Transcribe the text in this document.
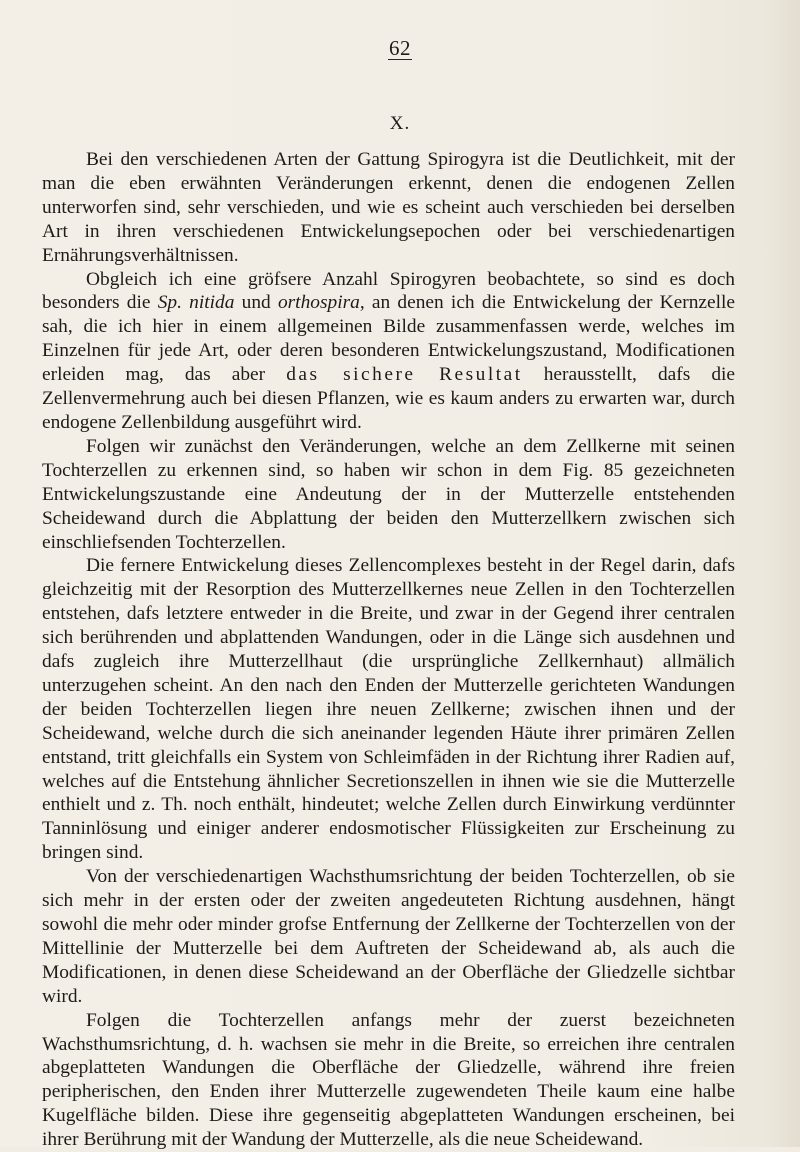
62
X.

Bei den verschiedenen Arten der Gattung Spirogyra ist die Deutlichkeit, mit der man die eben erwähnten Veränderungen erkennt, denen die endogenen Zellen unterworfen sind, sehr verschieden, und wie es scheint auch verschieden bei derselben Art in ihren verschiedenen Entwickelungsepochen oder bei verschiedenartigen Ernährungsverhältnissen.

Obgleich ich eine gröfsere Anzahl Spirogyren beobachtete, so sind es doch besonders die Sp. nitida und orthospira, an denen ich die Entwickelung der Kernzelle sah, die ich hier in einem allgemeinen Bilde zusammenfassen werde, welches im Einzelnen für jede Art, oder deren besonderen Entwickelungszustand, Modificationen erleiden mag, das aber das sichere Resultat herausstellt, dafs die Zellenvermehrung auch bei diesen Pflanzen, wie es kaum anders zu erwarten war, durch endogene Zellenbildung ausgeführt wird.

Folgen wir zunächst den Veränderungen, welche an dem Zellkerne mit seinen Tochterzellen zu erkennen sind, so haben wir schon in dem Fig. 85 gezeichneten Entwickelungszustande eine Andeutung der in der Mutterzelle entstehenden Scheidewand durch die Abplattung der beiden den Mutterzellkern zwischen sich einschliefsenden Tochterzellen.

Die fernere Entwickelung dieses Zellencomplexes besteht in der Regel darin, dafs gleichzeitig mit der Resorption des Mutterzellkernes neue Zellen in den Tochterzellen entstehen, dafs letztere entweder in die Breite, und zwar in der Gegend ihrer centralen sich berührenden und abplattenden Wandungen, oder in die Länge sich ausdehnen und dafs zugleich ihre Mutterzellhaut (die ursprüngliche Zellkernhaut) allmälich unterzugehen scheint. An den nach den Enden der Mutterzelle gerichteten Wandungen der beiden Tochterzellen liegen ihre neuen Zellkerne; zwischen ihnen und der Scheidewand, welche durch die sich aneinander legenden Häute ihrer primären Zellen entstand, tritt gleichfalls ein System von Schleimfäden in der Richtung ihrer Radien auf, welches auf die Entstehung ähnlicher Secretionszellen in ihnen wie sie die Mutterzelle enthielt und z. Th. noch enthält, hindeutet; welche Zellen durch Einwirkung verdünnter Tanninlösung und einiger anderer endosmotischer Flüssigkeiten zur Erscheinung zu bringen sind.

Von der verschiedenartigen Wachsthumsrichtung der beiden Tochterzellen, ob sie sich mehr in der ersten oder der zweiten angedeuteten Richtung ausdehnen, hängt sowohl die mehr oder minder grofse Entfernung der Zellkerne der Tochterzellen von der Mittellinie der Mutterzelle bei dem Auftreten der Scheidewand ab, als auch die Modificationen, in denen diese Scheidewand an der Oberfläche der Gliedzelle sichtbar wird.

Folgen die Tochterzellen anfangs mehr der zuerst bezeichneten Wachsthumsrichtung, d. h. wachsen sie mehr in die Breite, so erreichen ihre centralen abgeplatteten Wandungen die Oberfläche der Gliedzelle, während ihre freien peripherischen, den Enden ihrer Mutterzelle zugewendeten Theile kaum eine halbe Kugelfläche bilden. Diese ihre gegenseitig abgeplatteten Wandungen erscheinen, bei ihrer Berührung mit der Wandung der Mutterzelle, als die neue Scheidewand.
